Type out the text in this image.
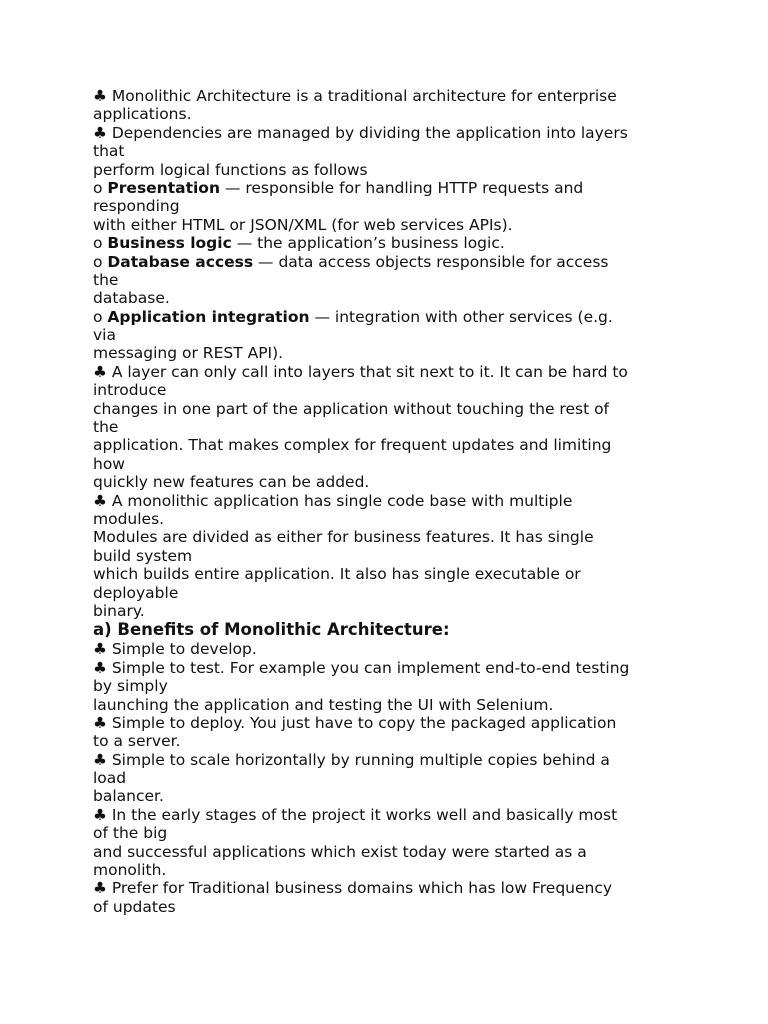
♣ Monolithic Architecture is a traditional architecture for enterprise
applications.
♣ Dependencies are managed by dividing the application into layers
that
perform logical functions as follows
o Presentation — responsible for handling HTTP requests and
responding
with either HTML or JSON/XML (for web services APIs).
o Business logic — the application’s business logic.
o Database access — data access objects responsible for access
the
database.
o Application integration — integration with other services (e.g.
via
messaging or REST API).
♣ A layer can only call into layers that sit next to it. It can be hard to
introduce
changes in one part of the application without touching the rest of
the
application. That makes complex for frequent updates and limiting
how
quickly new features can be added.
♣ A monolithic application has single code base with multiple
modules.
Modules are divided as either for business features. It has single
build system
which builds entire application. It also has single executable or
deployable
binary.
a) Benefits of Monolithic Architecture:
♣ Simple to develop.
♣ Simple to test. For example you can implement end-to-end testing
by simply
launching the application and testing the UI with Selenium.
♣ Simple to deploy. You just have to copy the packaged application
to a server.
♣ Simple to scale horizontally by running multiple copies behind a
load
balancer.
♣ In the early stages of the project it works well and basically most
of the big
and successful applications which exist today were started as a
monolith.
♣ Prefer for Traditional business domains which has low Frequency
of updates
